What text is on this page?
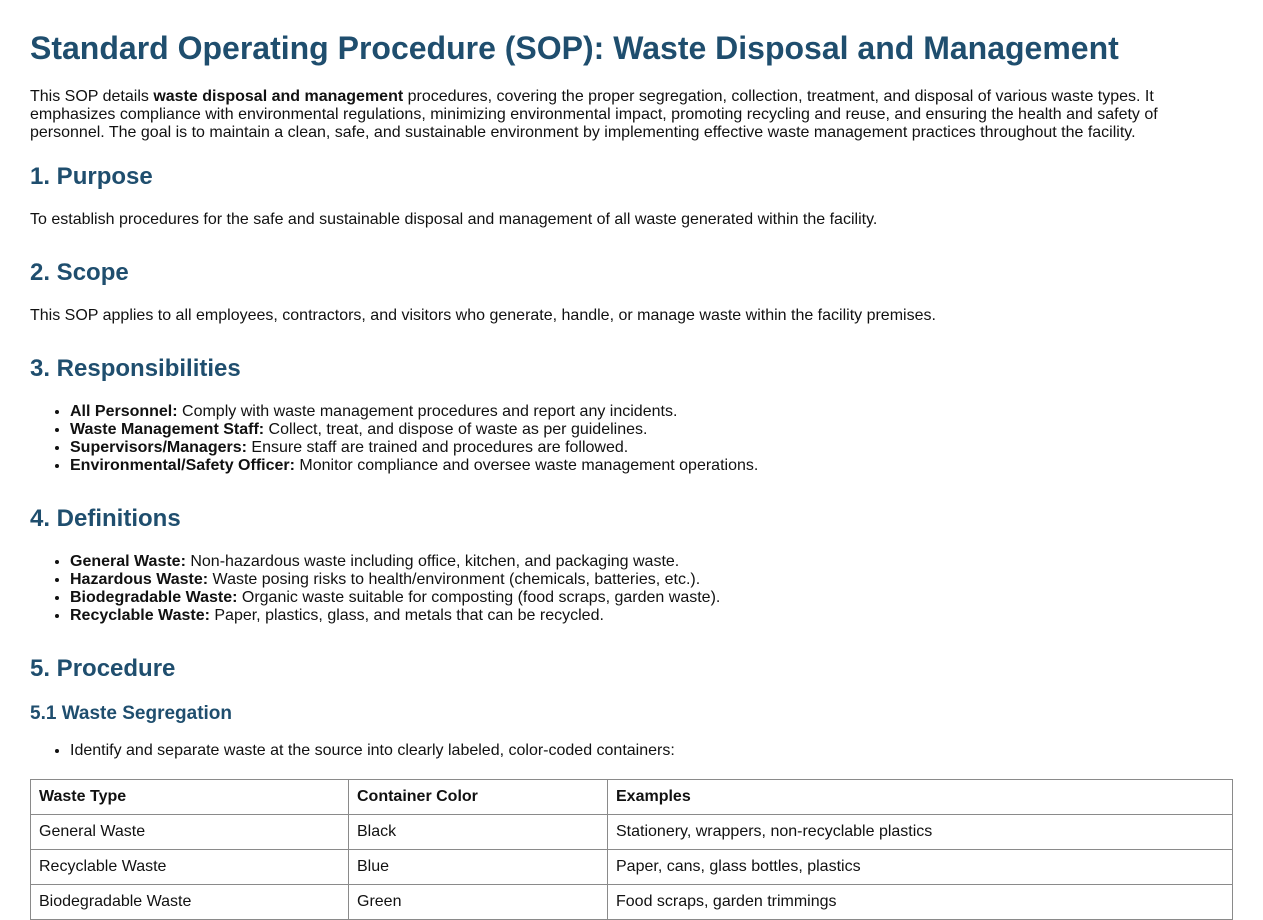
Standard Operating Procedure (SOP): Waste Disposal and Management

This SOP details waste disposal and management procedures, covering the proper segregation, collection, treatment, and disposal of various waste types. It emphasizes compliance with environmental regulations, minimizing environmental impact, promoting recycling and reuse, and ensuring the health and safety of personnel. The goal is to maintain a clean, safe, and sustainable environment by implementing effective waste management practices throughout the facility.

1. Purpose

To establish procedures for the safe and sustainable disposal and management of all waste generated within the facility.

2. Scope

This SOP applies to all employees, contractors, and visitors who generate, handle, or manage waste within the facility premises.

3. Responsibilities
• All Personnel: Comply with waste management procedures and report any incidents.
• Waste Management Staff: Collect, treat, and dispose of waste as per guidelines.
• Supervisors/Managers: Ensure staff are trained and procedures are followed.
• Environmental/Safety Officer: Monitor compliance and oversee waste management operations.
4. Definitions
• General Waste: Non-hazardous waste including office, kitchen, and packaging waste.
• Hazardous Waste: Waste posing risks to health/environment (chemicals, batteries, etc.).
• Biodegradable Waste: Organic waste suitable for composting (food scraps, garden waste).
• Recyclable Waste: Paper, plastics, glass, and metals that can be recycled.
5. Procedure
5.1 Waste Segregation
• Identify and separate waste at the source into clearly labeled, color-coded containers:
Waste Type	Container Color	Examples
General Waste	Black	Stationery, wrappers, non-recyclable plastics
Recyclable Waste	Blue	Paper, cans, glass bottles, plastics
Biodegradable Waste	Green	Food scraps, garden trimmings
